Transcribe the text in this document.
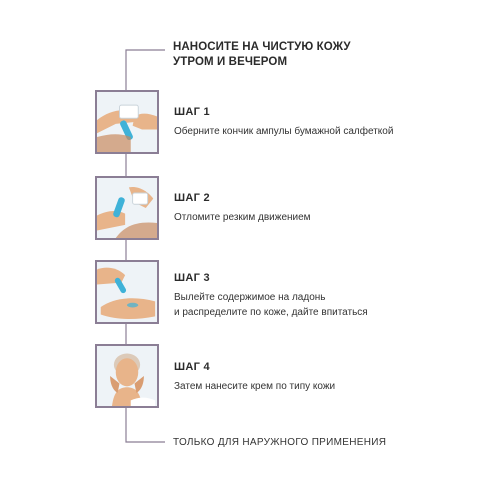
НАНОСИТЕ НА ЧИСТУЮ КОЖУ
УТРОМ И ВЕЧЕРОМ
ШАГ 1
Оберните кончик ампулы бумажной салфеткой
ШАГ 2
Отломите резким движением
ШАГ 3
Вылейте содержимое на ладонь
и распределите по коже, дайте впитаться
ШАГ 4
Затем нанесите крем по типу кожи
ТОЛЬКО ДЛЯ НАРУЖНОГО ПРИМЕНЕНИЯ
